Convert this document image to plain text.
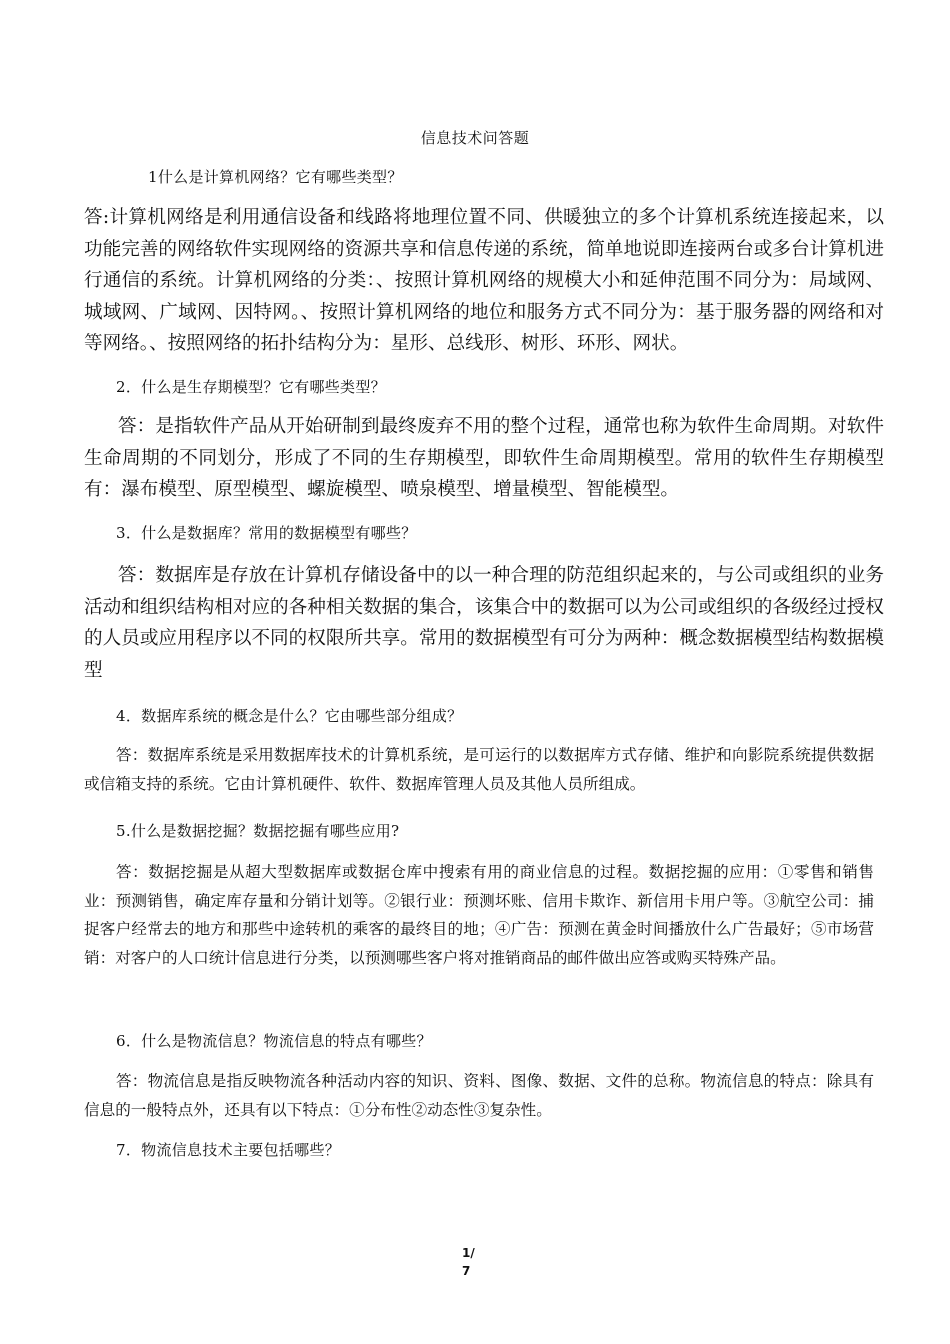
信息技术问答题
1什么是计算机网络？它有哪些类型？
答:计算机网络是利用通信设备和线路将地理位置不同、供暖独立的多个计算机系统连接起来，以功能完善的网络软件实现网络的资源共享和信息传递的系统，简单地说即连接两台或多台计算机进行通信的系统。计算机网络的分类：、按照计算机网络的规模大小和延伸范围不同分为：局域网、城域网、广域网、因特网。、按照计算机网络的地位和服务方式不同分为：基于服务器的网络和对等网络。、按照网络的拓扑结构分为：星形、总线形、树形、环形、网状。
2．什么是生存期模型？它有哪些类型？
答：是指软件产品从开始研制到最终废弃不用的整个过程，通常也称为软件生命周期。对软件生命周期的不同划分，形成了不同的生存期模型，即软件生命周期模型。常用的软件生存期模型有：瀑布模型、原型模型、螺旋模型、喷泉模型、增量模型、智能模型。
3．什么是数据库？常用的数据模型有哪些？
答：数据库是存放在计算机存储设备中的以一种合理的防范组织起来的，与公司或组织的业务活动和组织结构相对应的各种相关数据的集合，该集合中的数据可以为公司或组织的各级经过授权的人员或应用程序以不同的权限所共享。常用的数据模型有可分为两种：概念数据模型结构数据模型
4．数据库系统的概念是什么？它由哪些部分组成？
答：数据库系统是采用数据库技术的计算机系统，是可运行的以数据库方式存储、维护和向影院系统提供数据或信箱支持的系统。它由计算机硬件、软件、数据库管理人员及其他人员所组成。
5.什么是数据挖掘？数据挖掘有哪些应用?
答：数据挖掘是从超大型数据库或数据仓库中搜索有用的商业信息的过程。数据挖掘的应用：①零售和销售业：预测销售，确定库存量和分销计划等。②银行业：预测坏账、信用卡欺诈、新信用卡用户等。③航空公司：捕捉客户经常去的地方和那些中途转机的乘客的最终目的地；④广告：预测在黄金时间播放什么广告最好；⑤市场营销：对客户的人口统计信息进行分类，以预测哪些客户将对推销商品的邮件做出应答或购买特殊产品。
6．什么是物流信息？物流信息的特点有哪些？
答：物流信息是指反映物流各种活动内容的知识、资料、图像、数据、文件的总称。物流信息的特点：除具有信息的一般特点外，还具有以下特点：①分布性②动态性③复杂性。
7．物流信息技术主要包括哪些？
1/
7
